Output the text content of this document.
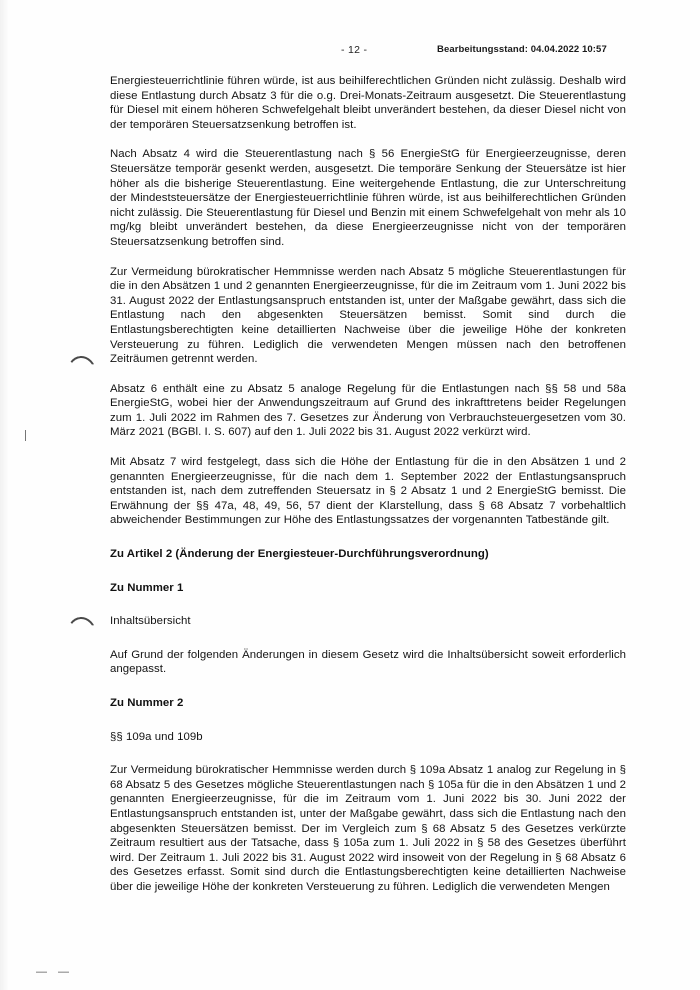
- 12 -	Bearbeitungsstand: 04.04.2022 10:57

Energiesteuerrichtlinie führen würde, ist aus beihilferechtlichen Gründen nicht zulässig. Deshalb wird diese Entlastung durch Absatz 3 für die o.g. Drei-Monats-Zeitraum ausgesetzt. Die Steuerentlastung für Diesel mit einem höheren Schwefelgehalt bleibt unverändert bestehen, da dieser Diesel nicht von der temporären Steuersatzsenkung betroffen ist.

Nach Absatz 4 wird die Steuerentlastung nach § 56 EnergieStG für Energieerzeugnisse, deren Steuersätze temporär gesenkt werden, ausgesetzt. Die temporäre Senkung der Steuersätze ist hier höher als die bisherige Steuerentlastung. Eine weitergehende Entlastung, die zur Unterschreitung der Mindeststeuersätze der Energiesteuerrichtlinie führen würde, ist aus beihilferechtlichen Gründen nicht zulässig. Die Steuerentlastung für Diesel und Benzin mit einem Schwefelgehalt von mehr als 10 mg/kg bleibt unverändert bestehen, da diese Energieerzeugnisse nicht von der temporären Steuersatzsenkung betroffen sind.

Zur Vermeidung bürokratischer Hemmnisse werden nach Absatz 5 mögliche Steuerentlastungen für die in den Absätzen 1 und 2 genannten Energieerzeugnisse, für die im Zeitraum vom 1. Juni 2022 bis 31. August 2022 der Entlastungsanspruch entstanden ist, unter der Maßgabe gewährt, dass sich die Entlastung nach den abgesenkten Steuersätzen bemisst. Somit sind durch die Entlastungsberechtigten keine detaillierten Nachweise über die jeweilige Höhe der konkreten Versteuerung zu führen. Lediglich die verwendeten Mengen müssen nach den betroffenen Zeiträumen getrennt werden.

Absatz 6 enthält eine zu Absatz 5 analoge Regelung für die Entlastungen nach §§ 58 und 58a EnergieStG, wobei hier der Anwendungszeitraum auf Grund des inkrafttretens beider Regelungen zum 1. Juli 2022 im Rahmen des 7. Gesetzes zur Änderung von Verbrauchsteuergesetzen vom 30. März 2021 (BGBl. I. S. 607) auf den 1. Juli 2022 bis 31. August 2022 verkürzt wird.

Mit Absatz 7 wird festgelegt, dass sich die Höhe der Entlastung für die in den Absätzen 1 und 2 genannten Energieerzeugnisse, für die nach dem 1. September 2022 der Entlastungsanspruch entstanden ist, nach dem zutreffenden Steuersatz in § 2 Absatz 1 und 2 EnergieStG bemisst. Die Erwähnung der §§ 47a, 48, 49, 56, 57 dient der Klarstellung, dass § 68 Absatz 7 vorbehaltlich abweichender Bestimmungen zur Höhe des Entlastungssatzes der vorgenannten Tatbestände gilt.

Zu Artikel 2 (Änderung der Energiesteuer-Durchführungsverordnung)

Zu Nummer 1

Inhaltsübersicht

Auf Grund der folgenden Änderungen in diesem Gesetz wird die Inhaltsübersicht soweit erforderlich angepasst.

Zu Nummer 2

§§ 109a und 109b

Zur Vermeidung bürokratischer Hemmnisse werden durch § 109a Absatz 1 analog zur Regelung in § 68 Absatz 5 des Gesetzes mögliche Steuerentlastungen nach § 105a für die in den Absätzen 1 und 2 genannten Energieerzeugnisse, für die im Zeitraum vom 1. Juni 2022 bis 30. Juni 2022 der Entlastungsanspruch entstanden ist, unter der Maßgabe gewährt, dass sich die Entlastung nach den abgesenkten Steuersätzen bemisst. Der im Vergleich zum § 68 Absatz 5 des Gesetzes verkürzte Zeitraum resultiert aus der Tatsache, dass § 105a zum 1. Juli 2022 in § 58 des Gesetzes überführt wird. Der Zeitraum 1. Juli 2022 bis 31. August 2022 wird insoweit von der Regelung in § 68 Absatz 6 des Gesetzes erfasst. Somit sind durch die Entlastungsberechtigten keine detaillierten Nachweise über die jeweilige Höhe der konkreten Versteuerung zu führen. Lediglich die verwendeten Mengen

— —
